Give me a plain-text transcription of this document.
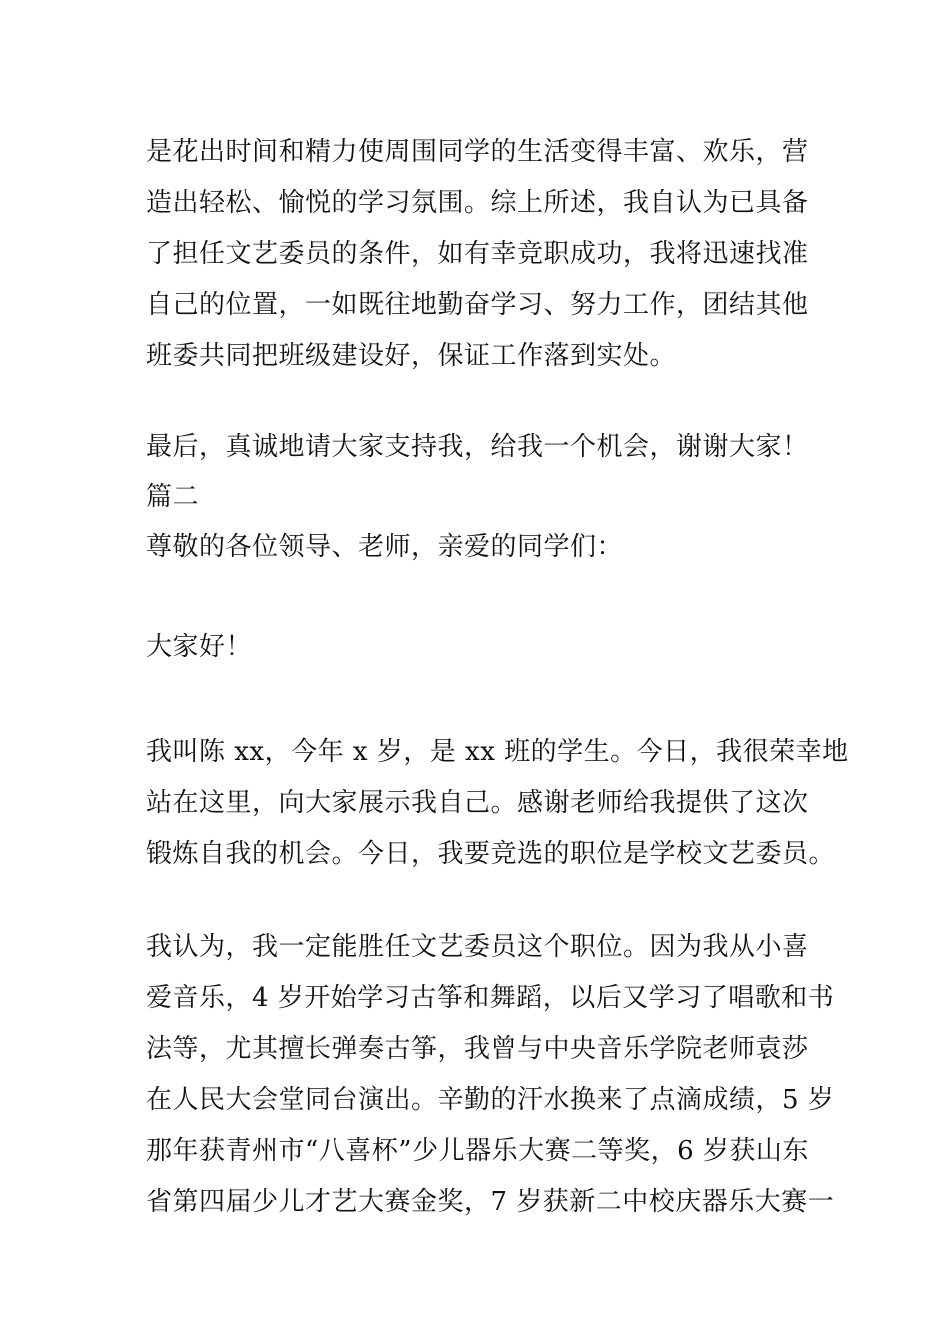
是花出时间和精力使周围同学的生活变得丰富、欢乐，营
造出轻松、愉悦的学习氛围。综上所述，我自认为已具备
了担任文艺委员的条件，如有幸竞职成功，我将迅速找准
自己的位置，一如既往地勤奋学习、努力工作，团结其他
班委共同把班级建设好，保证工作落到实处。
最后，真诚地请大家支持我，给我一个机会，谢谢大家！
篇二
尊敬的各位领导、老师，亲爱的同学们：
大家好！
我叫陈 xx，今年 x 岁，是 xx 班的学生。今日，我很荣幸地
站在这里，向大家展示我自己。感谢老师给我提供了这次
锻炼自我的机会。今日，我要竞选的职位是学校文艺委员。
我认为，我一定能胜任文艺委员这个职位。因为我从小喜
爱音乐，4 岁开始学习古筝和舞蹈，以后又学习了唱歌和书
法等，尤其擅长弹奏古筝，我曾与中央音乐学院老师袁莎
在人民大会堂同台演出。辛勤的汗水换来了点滴成绩，5 岁
那年获青州市“八喜杯”少儿器乐大赛二等奖，6 岁获山东
省第四届少儿才艺大赛金奖，7 岁获新二中校庆器乐大赛一
